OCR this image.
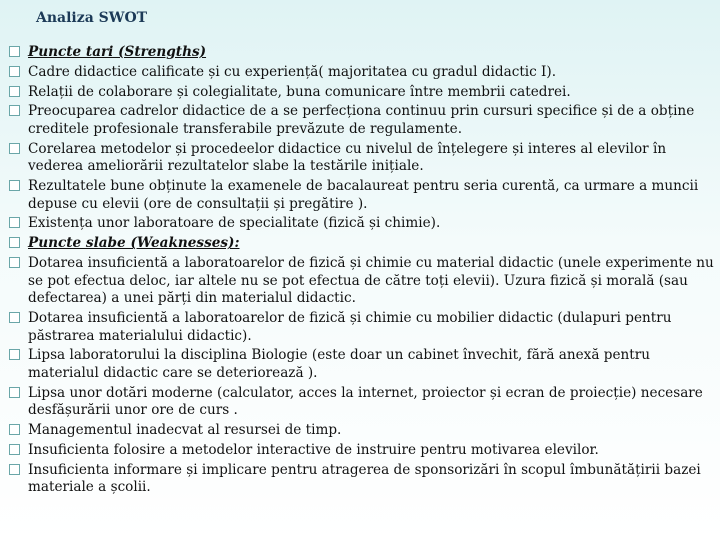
Analiza SWOT
Puncte tari (Strengths)
Cadre didactice calificate și cu experiență( majoritatea cu gradul didactic I).
Relații de colaborare și colegialitate, buna comunicare între membrii catedrei.
Preocuparea cadrelor didactice de a se perfecționa continuu prin cursuri specifice și de a obține creditele profesionale transferabile prevăzute de regulamente.
Corelarea metodelor și procedeelor didactice cu nivelul de înțelegere și interes al elevilor în vederea ameliorării rezultatelor slabe la testările inițiale.
Rezultatele bune obținute la examenele de bacalaureat pentru seria curentă, ca urmare a muncii depuse cu elevii (ore de consultații și pregătire ).
Existența unor laboratoare de specialitate (fizică și chimie).
Puncte slabe (Weaknesses):
Dotarea insuficientă a laboratoarelor de fizică și chimie cu material didactic (unele experimente nu se pot efectua deloc, iar altele nu se pot efectua de către toți elevii). Uzura fizică și morală (sau defectarea) a unei părți din materialul didactic.
Dotarea insuficientă a laboratoarelor de fizică și chimie cu mobilier didactic (dulapuri pentru păstrarea materialului didactic).
Lipsa laboratorului la disciplina Biologie (este doar un cabinet învechit, fără anexă pentru materialul didactic care se deteriorează ).
Lipsa unor dotări moderne (calculator, acces la internet, proiector și ecran de proiecție) necesare desfășurării unor ore de curs .
Managementul inadecvat al resursei de timp.
Insuficienta folosire a metodelor interactive de instruire pentru motivarea elevilor.
Insuficienta informare și implicare pentru atragerea de sponsorizări în scopul îmbunătățirii bazei materiale a școlii.
